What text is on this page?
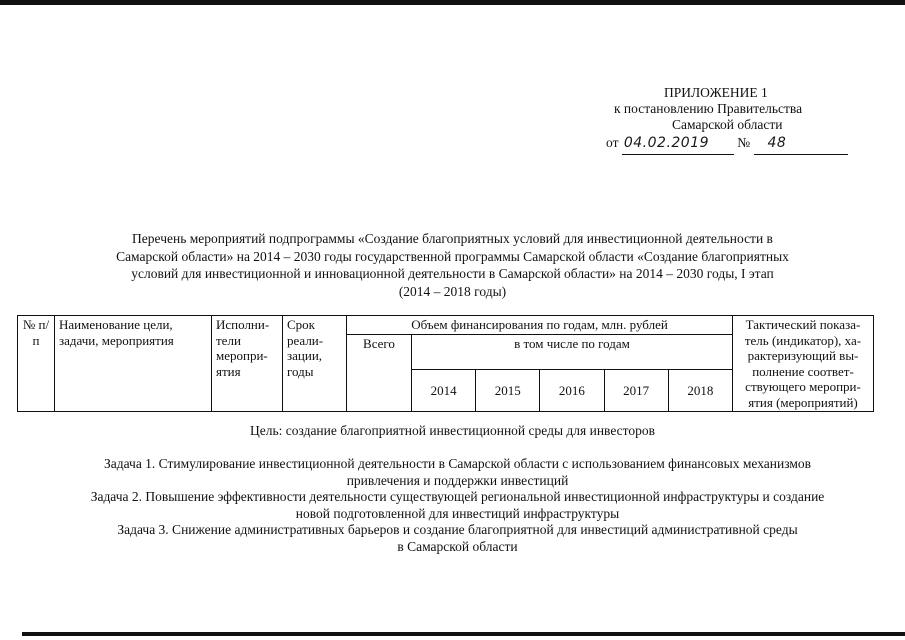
ПРИЛОЖЕНИЕ 1
к постановлению Правительства
Самарской области
от 04.02.2019 № 48
Перечень мероприятий подпрограммы «Создание благоприятных условий для инвестиционной деятельности в
Самарской области» на 2014 – 2030 годы государственной программы Самарской области «Создание благоприятных
условий для инвестиционной и инновационной деятельности в Самарской области» на 2014 – 2030 годы, I этап
(2014 – 2018 годы)
№ п/п	Наименование цели, задачи, мероприятия	Исполни-тели меропри-ятия	Срок реали-зации, годы	Объем финансирования по годам, млн. рублей						Тактический показа-тель (индикатор), ха-рактеризующий вы-полнение соответ-ствующего меропри-ятия (мероприятий)
				Всего	в том числе по годам					
					2014	2015	2016	2017	2018	
Цель: создание благоприятной инвестиционной среды для инвесторов
Задача 1. Стимулирование инвестиционной деятельности в Самарской области с использованием финансовых механизмов
привлечения и поддержки инвестиций
Задача 2. Повышение эффективности деятельности существующей региональной инвестиционной инфраструктуры и создание
новой подготовленной для инвестиций инфраструктуры
Задача 3. Снижение административных барьеров и создание благоприятной для инвестиций административной среды
в Самарской области
